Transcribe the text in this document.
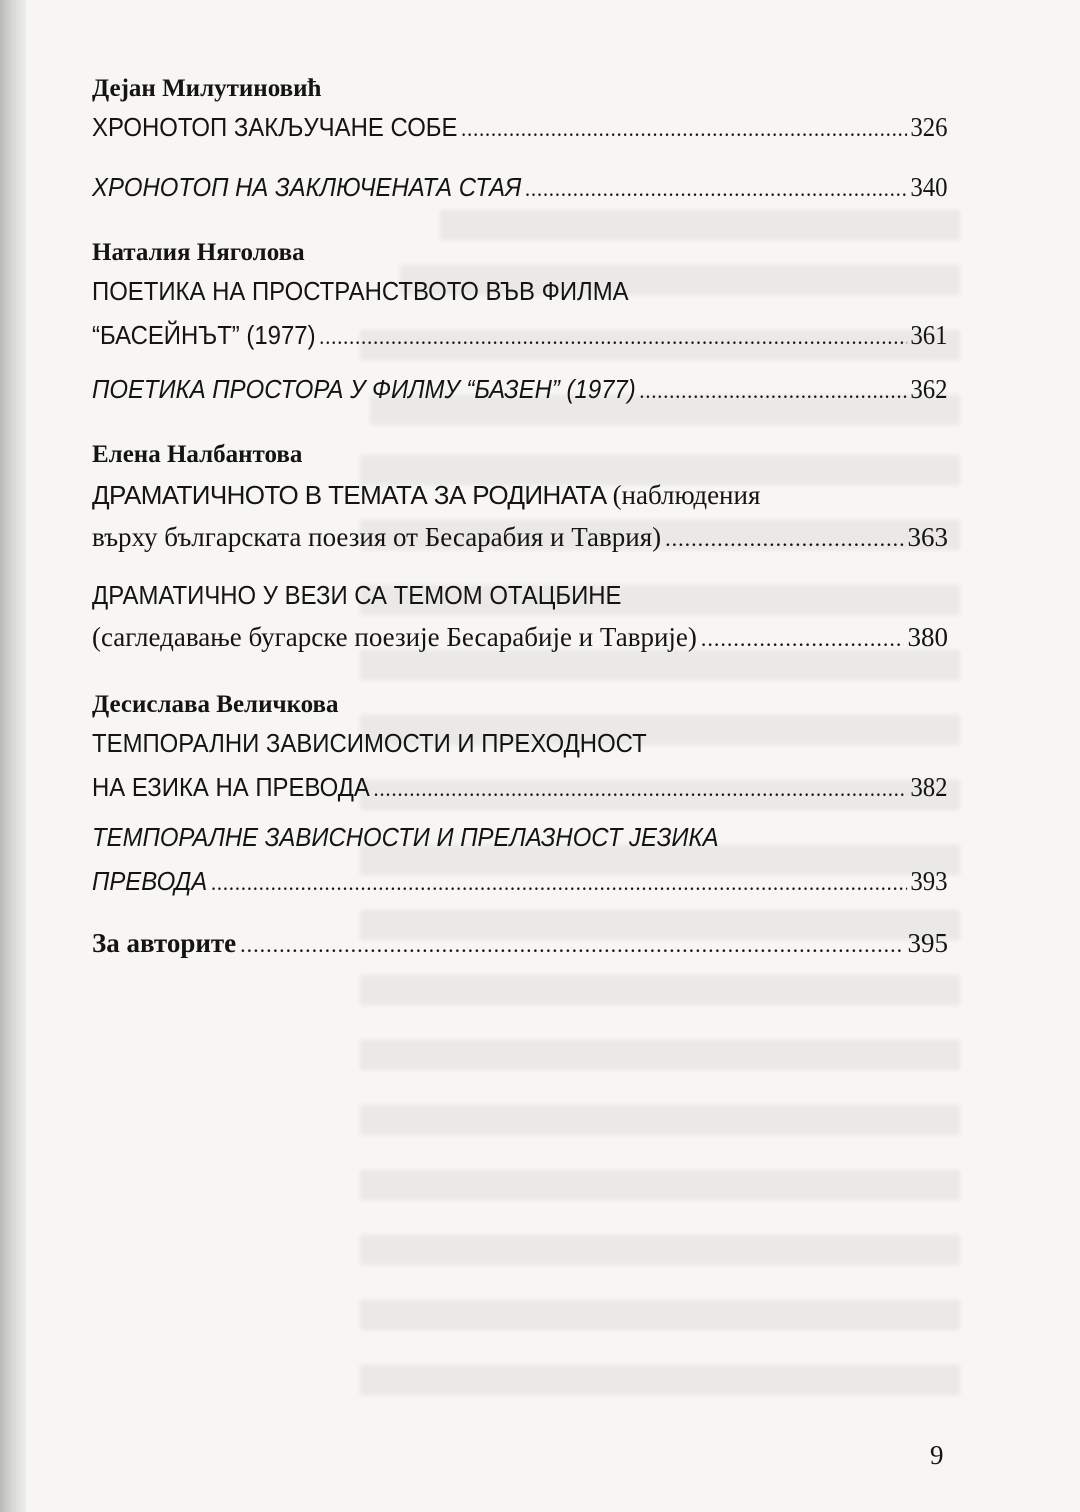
Дејан Милутиновић
ХРОНОТОП ЗАКЉУЧАНЕ СОБЕ .....	326
ХРОНОТОП НА ЗАКЛЮЧЕНАТА СТАЯ .....	340
Наталия Няголова
ПОЕТИКА НА ПРОСТРАНСТВОТО ВЪВ ФИЛМА
“БАСЕЙНЪТ” (1977) .....	361
ПОЕТИКА ПРОСТОРА У ФИЛМУ “БАЗЕН” (1977) .....	362
Елена Налбантова
ДРАМАТИЧНОТО В ТЕМАТА ЗА РОДИНАТА (наблюдения
върху българската поезия от Бесарабия и Таврия) .....	363
ДРАМАТИЧНО У ВЕЗИ СА ТЕМОМ ОТАЦБИНЕ
(сагледавање бугарске поезије Бесарабије и Таврије) .....	380
Десислава Величкова
ТЕМПОРАЛНИ ЗАВИСИМОСТИ И ПРЕХОДНОСТ
НА ЕЗИКА НА ПРЕВОДА .....	382
ТЕМПОРАЛНЕ ЗАВИСНОСТИ И ПРЕЛАЗНОСТ ЈЕЗИКА
ПРЕВОДА .....	393
За авторите .....	395
9
